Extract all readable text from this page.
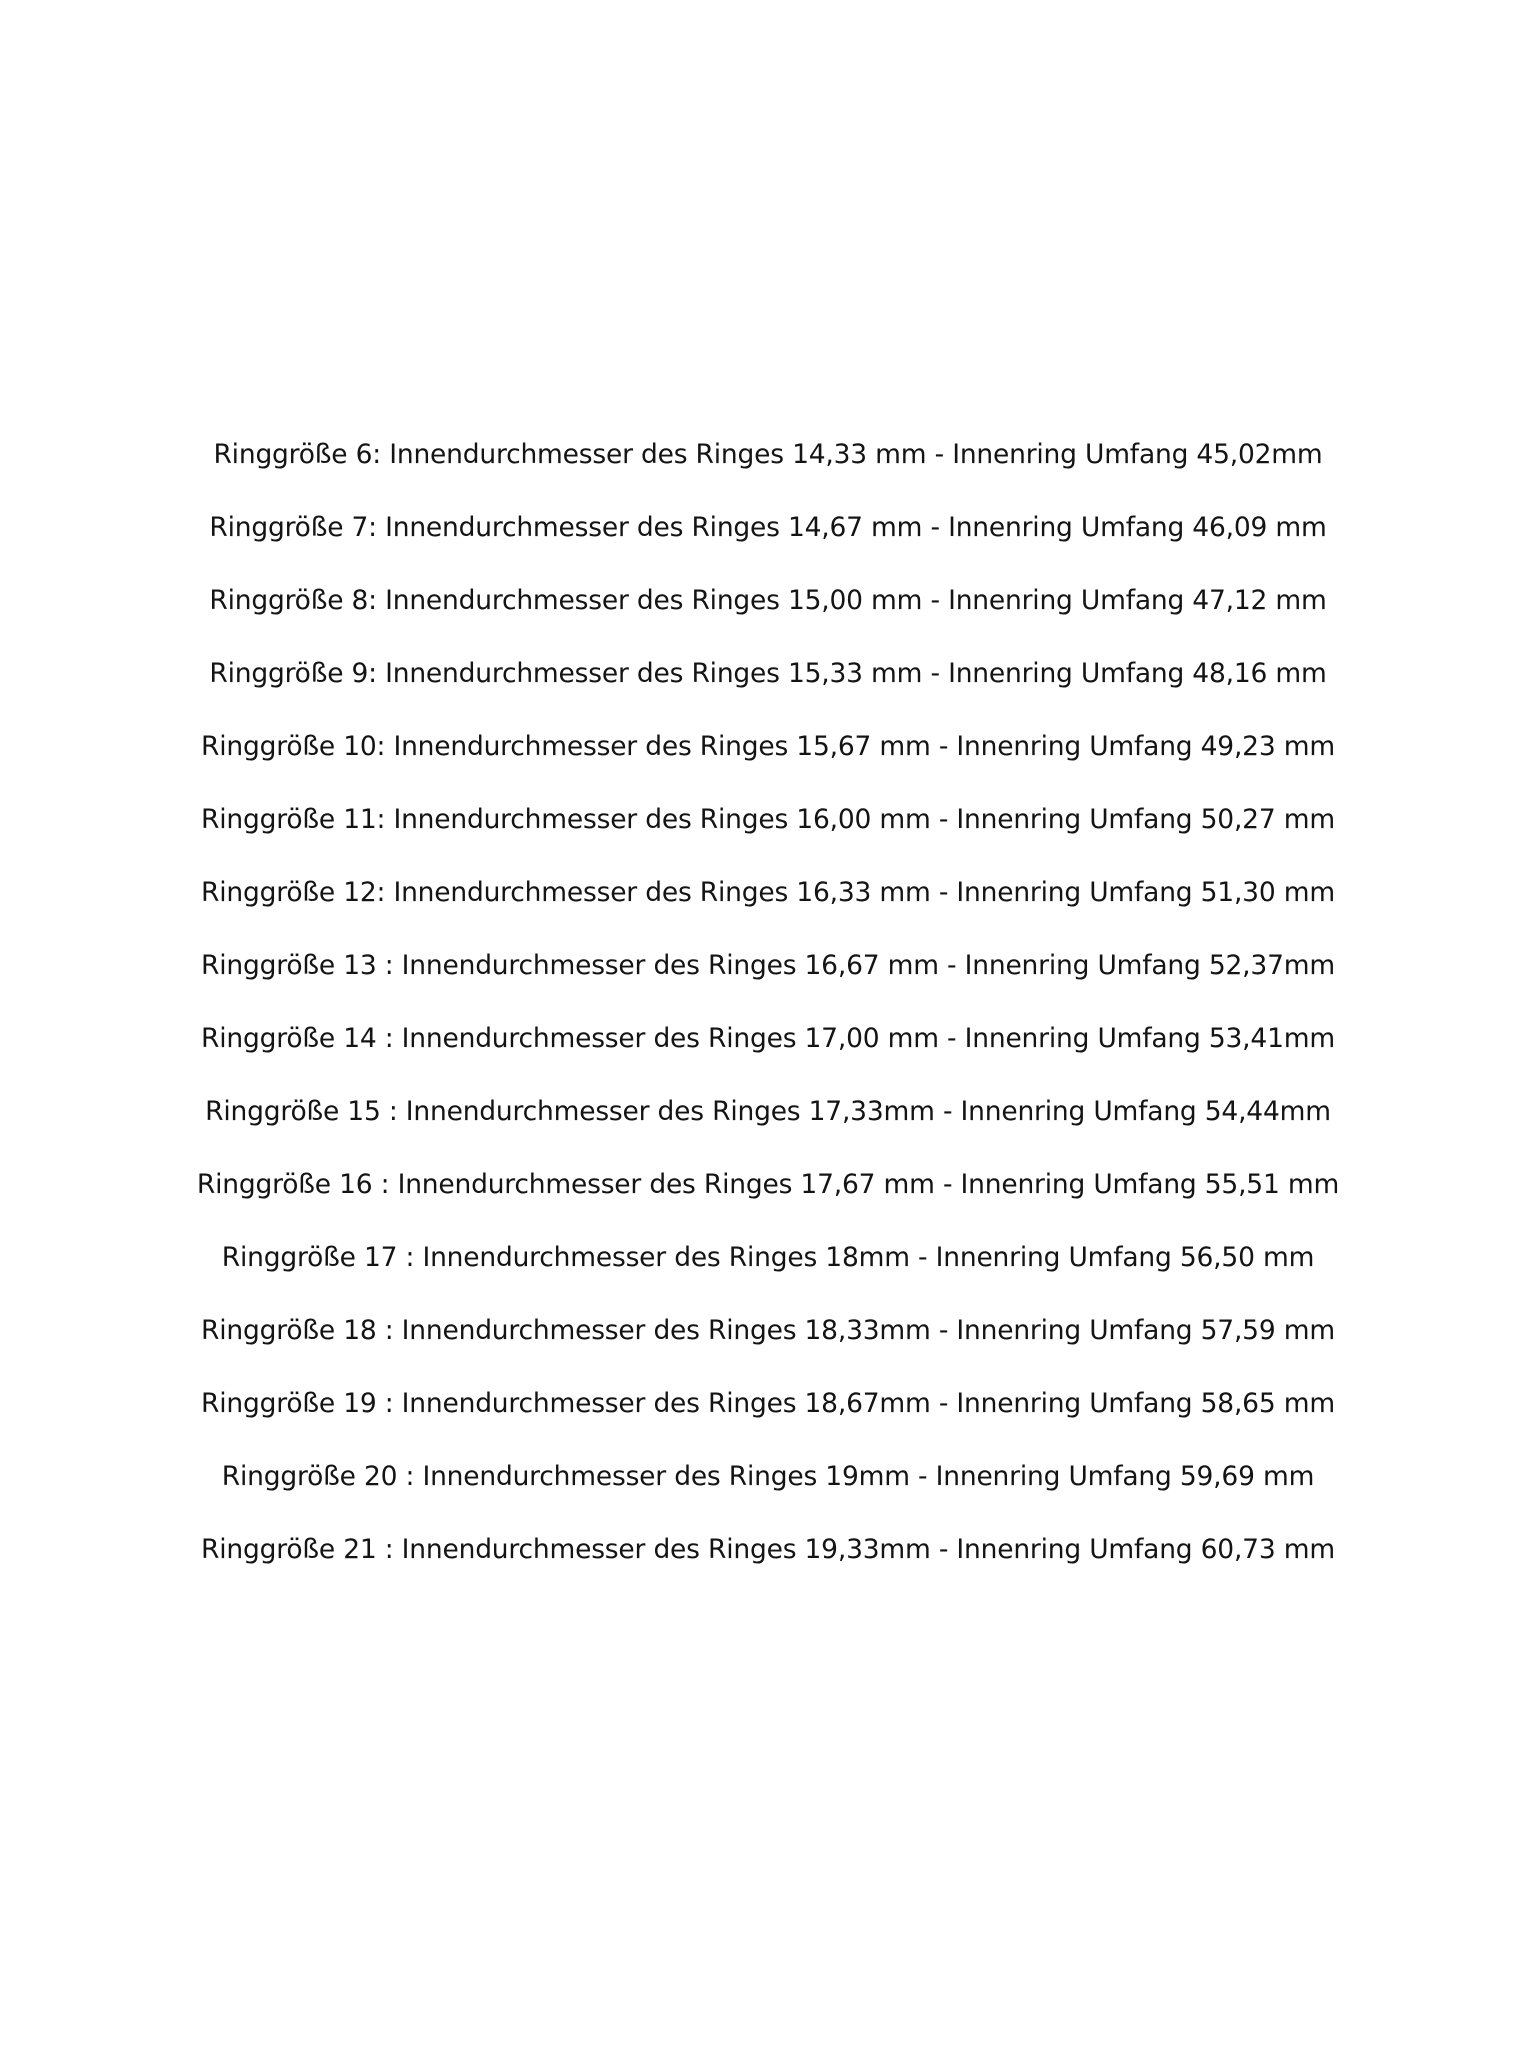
Ringgröße 6: Innendurchmesser des Ringes 14,33 mm - Innenring Umfang 45,02mm
Ringgröße 7: Innendurchmesser des Ringes 14,67 mm - Innenring Umfang 46,09 mm
Ringgröße 8: Innendurchmesser des Ringes 15,00 mm - Innenring Umfang 47,12 mm
Ringgröße 9: Innendurchmesser des Ringes 15,33 mm - Innenring Umfang 48,16 mm
Ringgröße 10: Innendurchmesser des Ringes 15,67 mm - Innenring Umfang 49,23 mm
Ringgröße 11: Innendurchmesser des Ringes 16,00 mm - Innenring Umfang 50,27 mm
Ringgröße 12: Innendurchmesser des Ringes 16,33 mm - Innenring Umfang 51,30 mm
Ringgröße 13 : Innendurchmesser des Ringes 16,67 mm - Innenring Umfang 52,37mm
Ringgröße 14 : Innendurchmesser des Ringes 17,00 mm - Innenring Umfang 53,41mm
Ringgröße 15 : Innendurchmesser des Ringes 17,33mm - Innenring Umfang 54,44mm
Ringgröße 16 : Innendurchmesser des Ringes 17,67 mm - Innenring Umfang 55,51 mm
Ringgröße 17 : Innendurchmesser des Ringes 18mm - Innenring Umfang 56,50 mm
Ringgröße 18 : Innendurchmesser des Ringes 18,33mm - Innenring Umfang 57,59 mm
Ringgröße 19 : Innendurchmesser des Ringes 18,67mm - Innenring Umfang 58,65 mm
Ringgröße 20 : Innendurchmesser des Ringes 19mm - Innenring Umfang 59,69 mm
Ringgröße 21 : Innendurchmesser des Ringes 19,33mm - Innenring Umfang 60,73 mm
